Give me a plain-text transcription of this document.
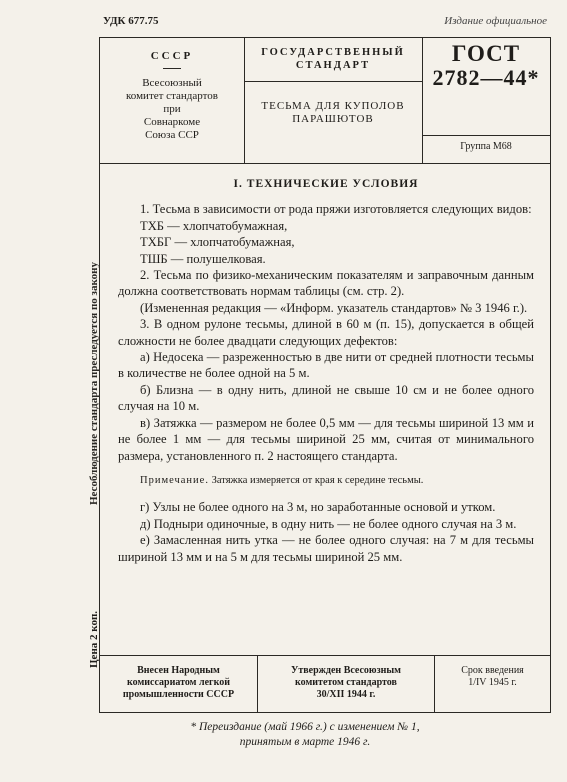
УДК 677.75	Издание официальное
Несоблюдение стандарта преследуется по закону
Цена 2 коп.
СССР
Всесоюзный
комитет стандартов
при
Совнаркоме
Союза ССР
ГОСУДАРСТВЕННЫЙ
СТАНДАРТ
ТЕСЬМА ДЛЯ КУПОЛОВ
ПАРАШЮТОВ
ГОСТ
2782—44*
Группа М68
I. ТЕХНИЧЕСКИЕ УСЛОВИЯ

1. Тесьма в зависимости от рода пряжи изготовляется следующих видов:

ТХБ — хлопчатобумажная,

ТХБГ — хлопчатобумажная,

ТШБ — полушелковая.

2. Тесьма по физико-механическим показателям и заправочным данным должна соответствовать нормам таблицы (см. стр. 2).

(Измененная редакция — «Информ. указатель стандартов» № 3 1946 г.).

3. В одном рулоне тесьмы, длиной в 60 м (п. 15), допускается в общей сложности не более двадцати следующих дефектов:

а) Недосека — разреженностью в две нити от средней плотности тесьмы в количестве не более одной на 5 м.

б) Близна — в одну нить, длиной не свыше 10 см и не более одного случая на 10 м.

в) Затяжка — размером не более 0,5 мм — для тесьмы шириной 13 мм и не более 1 мм — для тесьмы шириной 25 мм, считая от минимального размера, установленного п. 2 настоящего стандарта.

Примечание. Затяжка измеряется от края к середине тесьмы.

г) Узлы не более одного на 3 м, но заработанные основой и утком.

д) Подныри одиночные, в одну нить — не более одного случая на 3 м.

е) Замасленная нить утка — не более одного случая: на 7 м для тесьмы шириной 13 мм и на 5 м для тесьмы шириной 25 мм.

Внесен Народным
комиссариатом легкой
промышленности СССР
Утвержден Всесоюзным
комитетом стандартов
30/XII 1944 г.
Срок введения
1/IV 1945 г.
* Переиздание (май 1966 г.) с изменением № 1,
принятым в марте 1946 г.
